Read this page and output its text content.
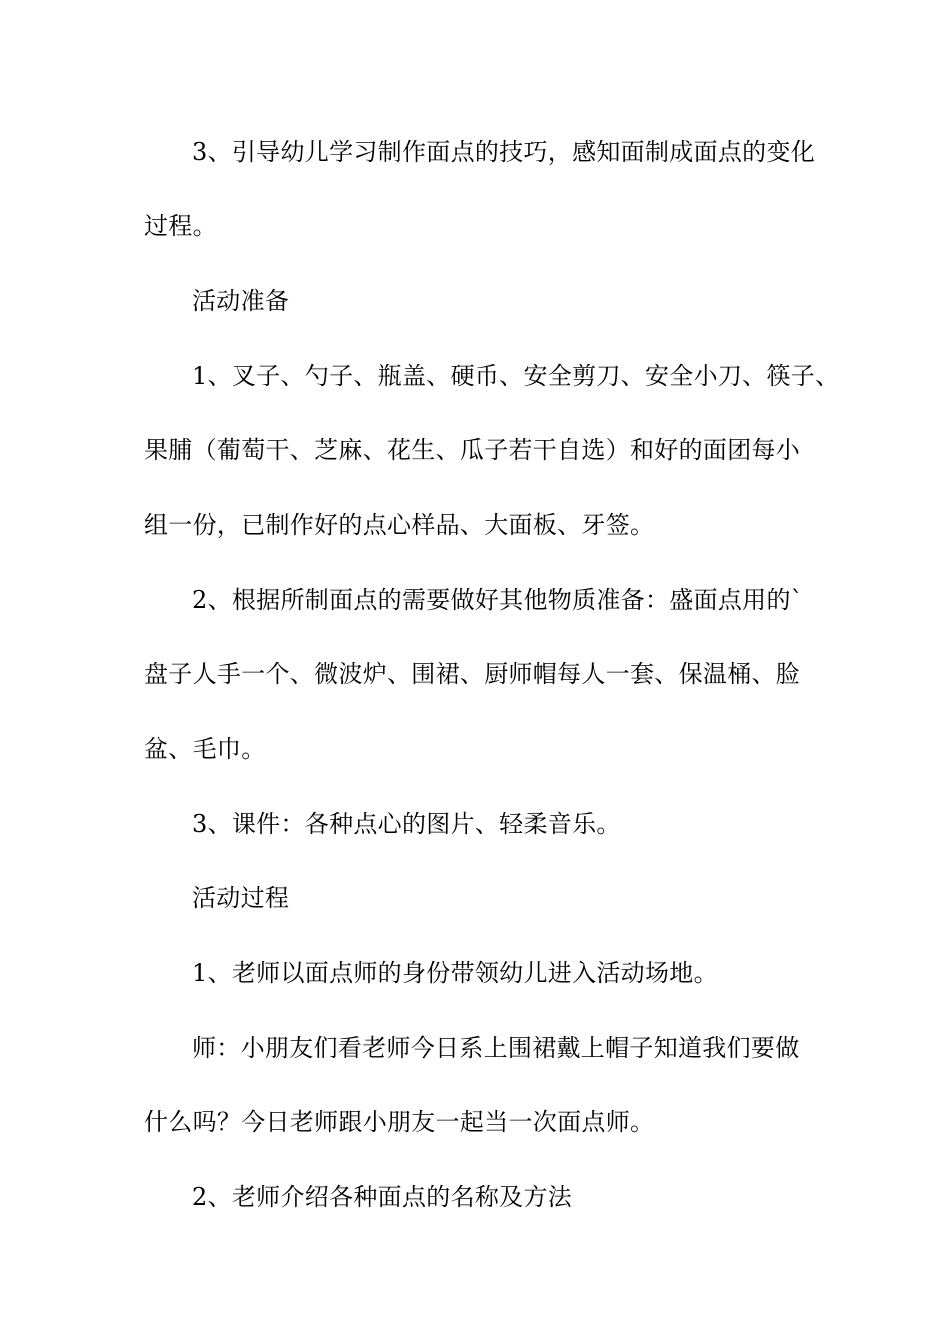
3、引导幼儿学习制作面点的技巧，感知面制成面点的变化
过程。
活动准备
1、叉子、勺子、瓶盖、硬币、安全剪刀、安全小刀、筷子、
果脯（葡萄干、芝麻、花生、瓜子若干自选）和好的面团每小
组一份，已制作好的点心样品、大面板、牙签。
2、根据所制面点的需要做好其他物质准备：盛面点用的`
盘子人手一个、微波炉、围裙、厨师帽每人一套、保温桶、脸
盆、毛巾。
3、课件：各种点心的图片、轻柔音乐。
活动过程
1、老师以面点师的身份带领幼儿进入活动场地。
师：小朋友们看老师今日系上围裙戴上帽子知道我们要做
什么吗？今日老师跟小朋友一起当一次面点师。
2、老师介绍各种面点的名称及方法
